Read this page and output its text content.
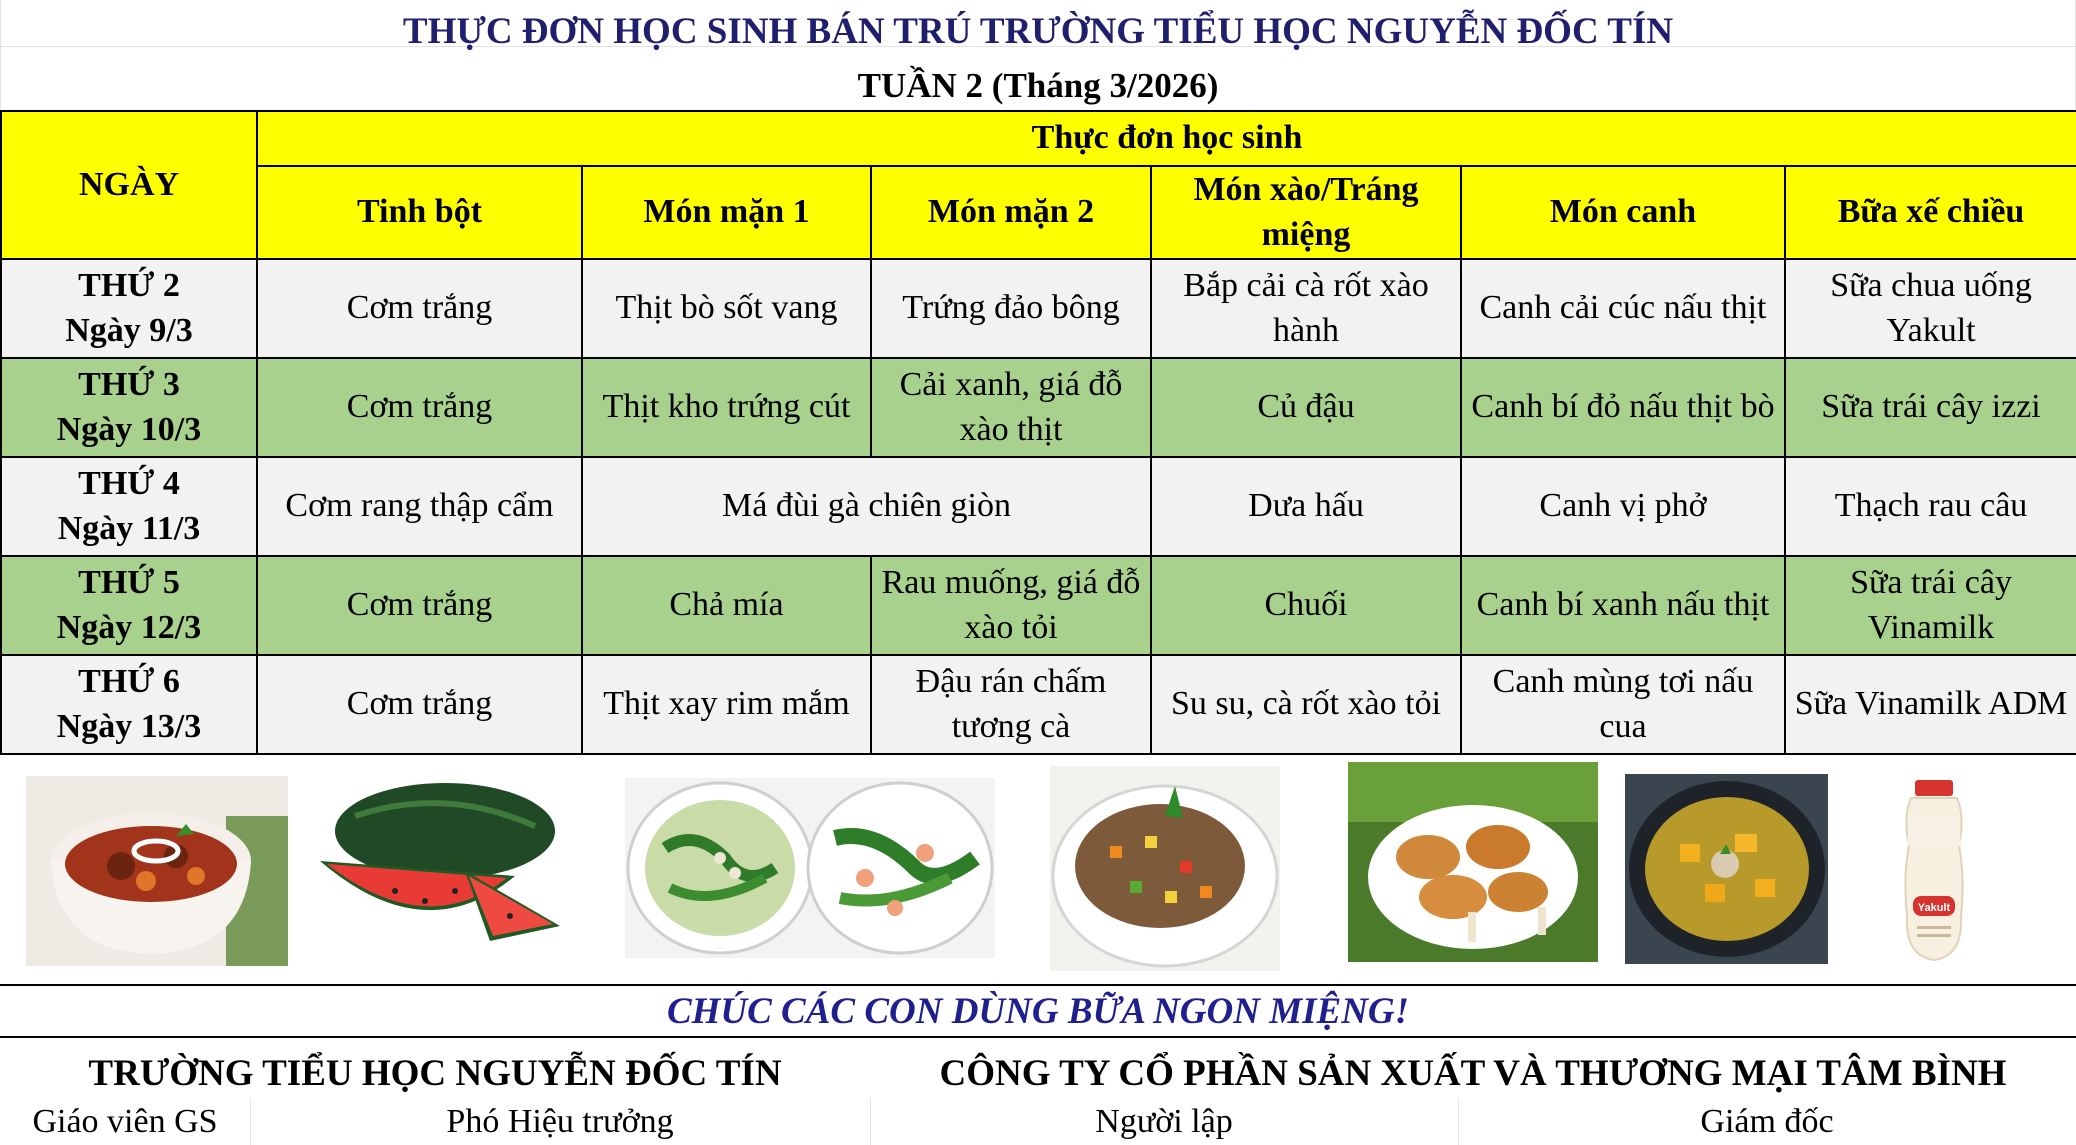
THỰC ĐƠN HỌC SINH BÁN TRÚ TRƯỜNG TIỂU HỌC NGUYỄN ĐỐC TÍN
TUẦN 2 (Tháng 3/2026)
NGÀY	Thực đơn học sinh					
	Tinh bột	Món mặn 1	Món mặn 2	Món xào/Tráng miệng	Món canh	Bữa xế chiều

THỨ 2
Ngày 9/3	Cơm trắng	Thịt bò sốt vang	Trứng đảo bông	Bắp cải cà rốt xào hành	Canh cải cúc nấu thịt	Sữa chua uống Yakult

THỨ 3
Ngày 10/3	Cơm trắng	Thịt kho trứng cút	Cải xanh, giá đỗ xào thịt	Củ đậu	Canh bí đỏ nấu thịt bò	Sữa trái cây izzi

THỨ 4
Ngày 11/3	Cơm rang thập cẩm	Má đùi gà chiên giòn		Dưa hấu	Canh vị phở	Thạch rau câu

THỨ 5
Ngày 12/3	Cơm trắng	Chả mía	Rau muống, giá đỗ xào tỏi	Chuối	Canh bí xanh nấu thịt	Sữa trái cây Vinamilk

THỨ 6
Ngày 13/3	Cơm trắng	Thịt xay rim mắm	Đậu rán chấm tương cà	Su su, cà rốt xào tỏi	Canh mùng tơi nấu cua	Sữa Vinamilk ADM
Yakult
CHÚC CÁC CON DÙNG BỮA NGON MIỆNG!
TRƯỜNG TIỂU HỌC NGUYỄN ĐỐC TÍN	CÔNG TY CỔ PHẦN SẢN XUẤT VÀ THƯƠNG MẠI TÂM BÌNH
Giáo viên GS	Phó Hiệu trưởng	Người lập	Giám đốc
